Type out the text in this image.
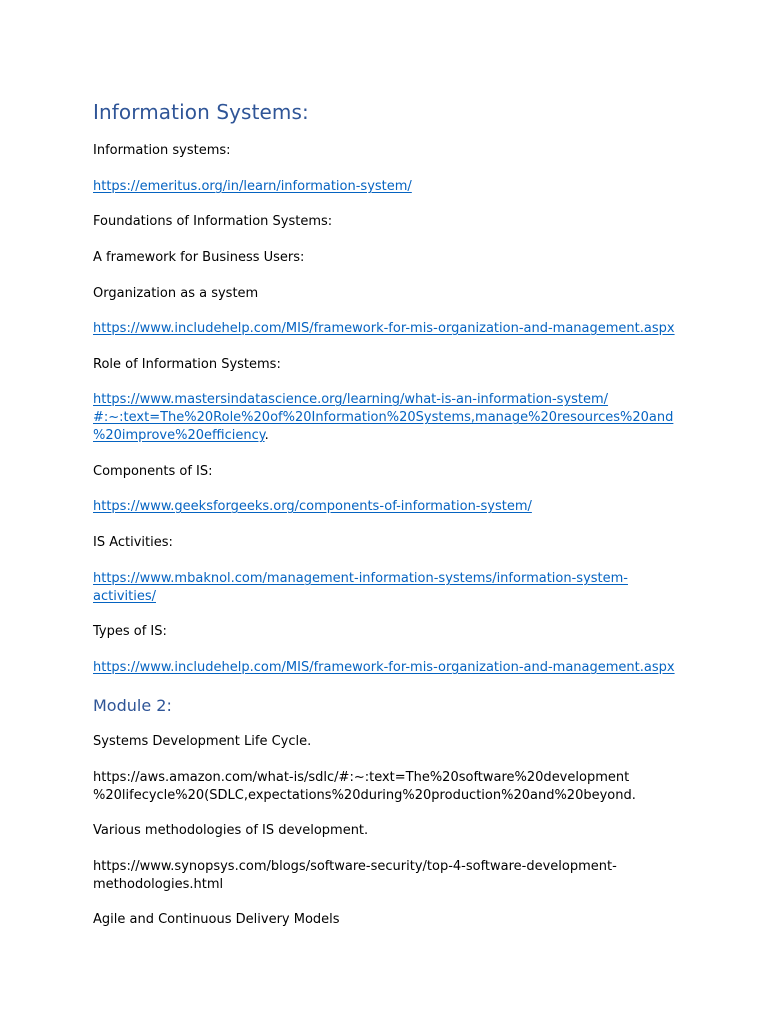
Information Systems:
Information systems:
https://emeritus.org/in/learn/information-system/
Foundations of Information Systems:
A framework for Business Users:
Organization as a system
https://www.includehelp.com/MIS/framework-for-mis-organization-and-management.aspx
Role of Information Systems:
https://www.mastersindatascience.org/learning/what-is-an-information-system/
#:~:text=The%20Role%20of%20Information%20Systems,manage%20resources%20and
%20improve%20efficiency.
Components of IS:
https://www.geeksforgeeks.org/components-of-information-system/
IS Activities:
https://www.mbaknol.com/management-information-systems/information-system-
activities/
Types of IS:
https://www.includehelp.com/MIS/framework-for-mis-organization-and-management.aspx
Module 2:
Systems Development Life Cycle.
https://aws.amazon.com/what-is/sdlc/#:~:text=The%20software%20development
%20lifecycle%20(SDLC,expectations%20during%20production%20and%20beyond.
Various methodologies of IS development.
https://www.synopsys.com/blogs/software-security/top-4-software-development-
methodologies.html
Agile and Continuous Delivery Models
